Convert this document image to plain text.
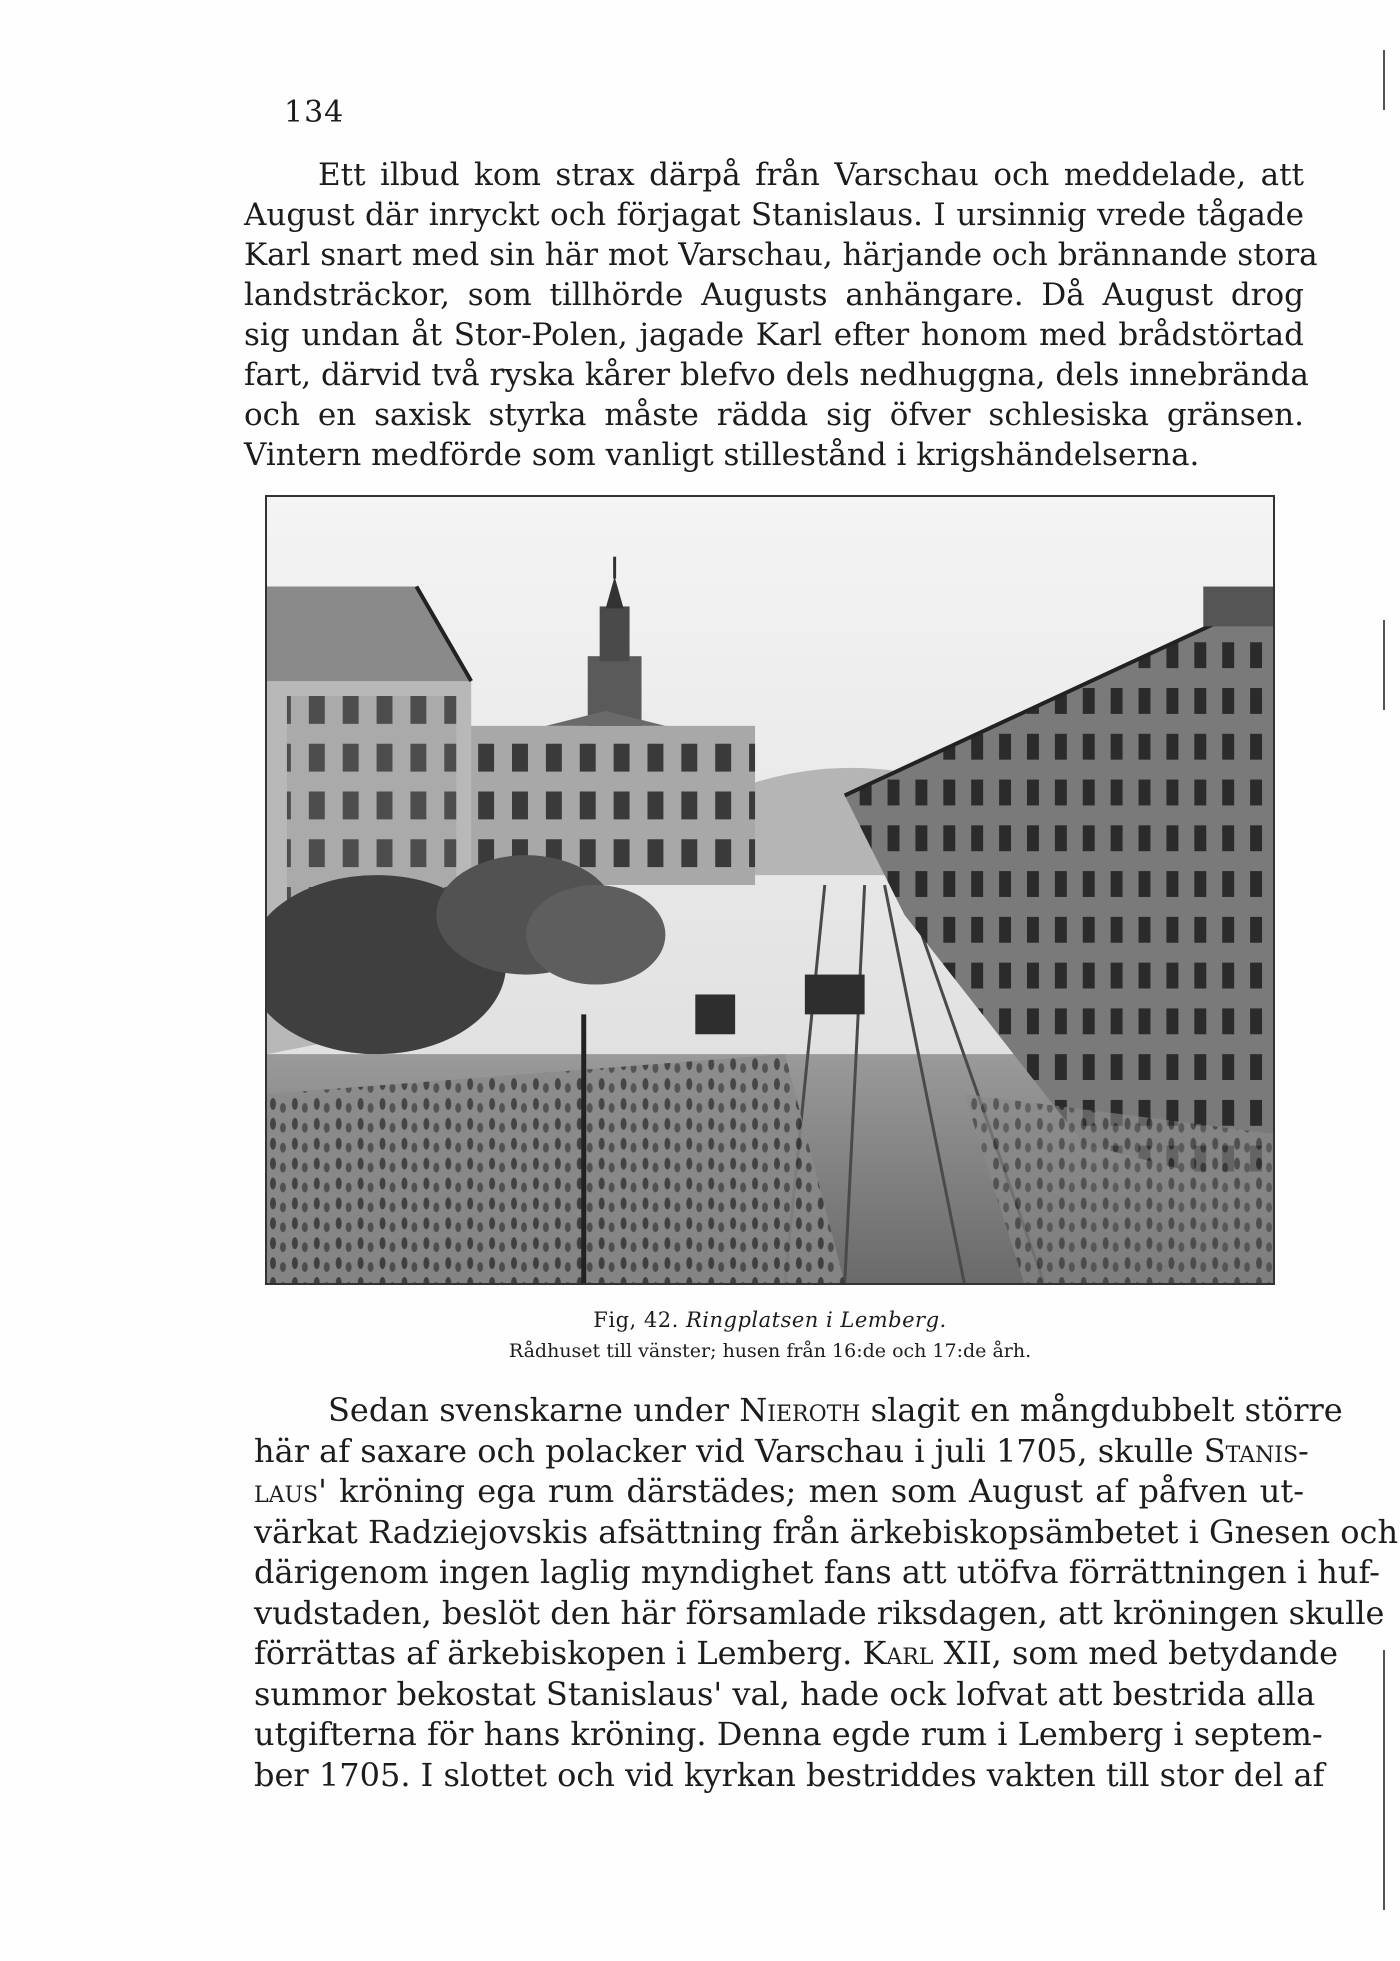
134

Ett ilbud kom strax därpå från Varschau och meddelade, att
August där inryckt och förjagat Stanislaus. I ursinnig vrede tågade
Karl snart med sin här mot Varschau, härjande och brännande stora
landsträckor, som tillhörde Augusts anhängare. Då August drog
sig undan åt Stor-Polen, jagade Karl efter honom med brådstörtad
fart, därvid två ryska kårer blefvo dels nedhuggna, dels innebrända
och en saxisk styrka måste rädda sig öfver schlesiska gränsen.
Vintern medförde som vanligt stillestånd i krigshändelserna.

Fig, 42. Ringplatsen i Lemberg.

Rådhuset till vänster; husen från 16:de och 17:de årh.

Sedan svenskarne under Nieroth slagit en mångdubbelt större
här af saxare och polacker vid Varschau i juli 1705, skulle Stanis-
laus' kröning ega rum därstädes; men som August af påfven ut-
värkat Radziejovskis afsättning från ärkebiskopsämbetet i Gnesen och
därigenom ingen laglig myndighet fans att utöfva förrättningen i huf-
vudstaden, beslöt den här församlade riksdagen, att kröningen skulle
förrättas af ärkebiskopen i Lemberg. Karl XII, som med betydande
summor bekostat Stanislaus' val, hade ock lofvat att bestrida alla
utgifterna för hans kröning. Denna egde rum i Lemberg i septem-
ber 1705. I slottet och vid kyrkan bestriddes vakten till stor del af
